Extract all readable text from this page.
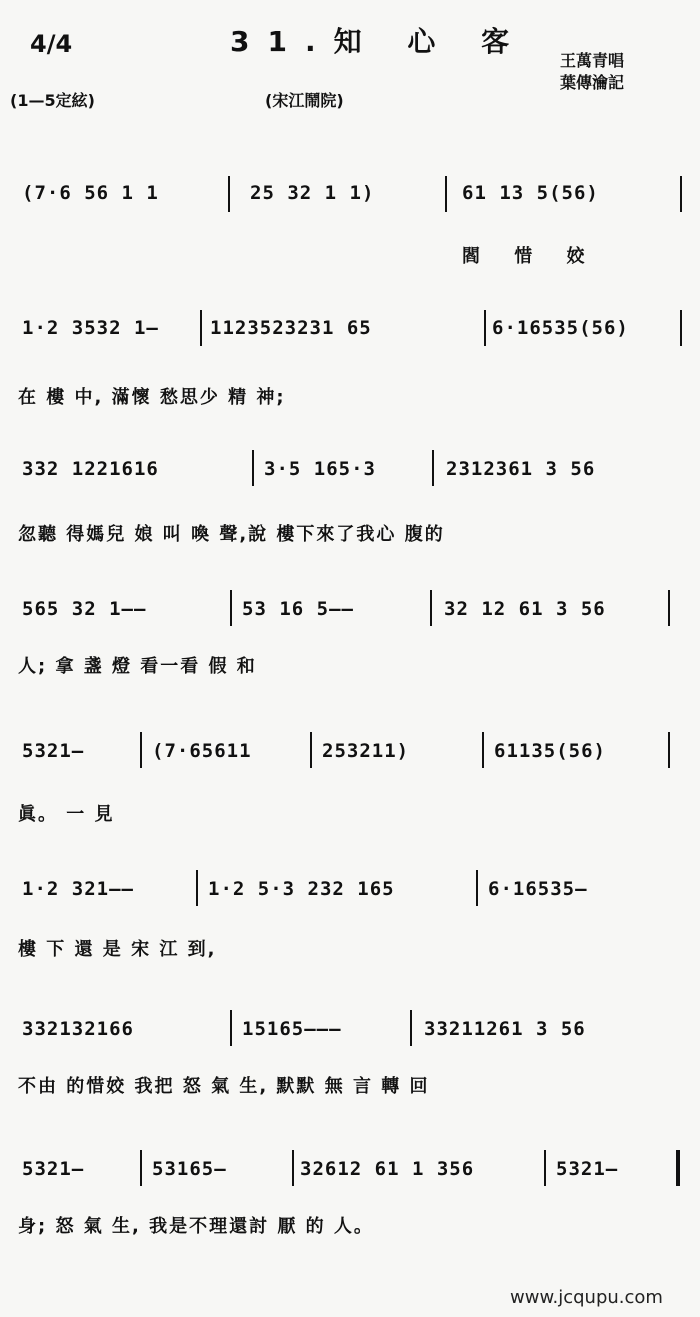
4/4	31.知 心 客
王萬青唱
葉傳瀹記
(1—5定絃)	(宋江鬧院)
(7·6 56 1 1	25 32 1 1)	61 13 5(56)
閻 惜 姣
1·2 3532 1—	1123523231 65	6·16535(56)
在 樓 中, 滿懷 愁思少 精 神;
332 1221616	3·5 165·3	2312361 3 56
忽聽 得媽兒 娘 叫 喚 聲,說 樓下來了我心 腹的
565 32 1——	53 16 5——	32 12 61 3 56
人; 拿 盞 燈 看一看 假 和
5321—	(7·65611	253211)	61135(56)
眞。 一 見
1·2 321——	1·2 5·3 232 165	6·16535—
樓 下 還 是 宋 江 到,
332132166	15165———	33211261 3 56
不由 的惜姣 我把 怒 氣 生, 默默 無 言 轉 回
5321—	53165—	32612 61 1 356	5321—
身; 怒 氣 生, 我是不理還討 厭 的 人。
www.jcqupu.com
